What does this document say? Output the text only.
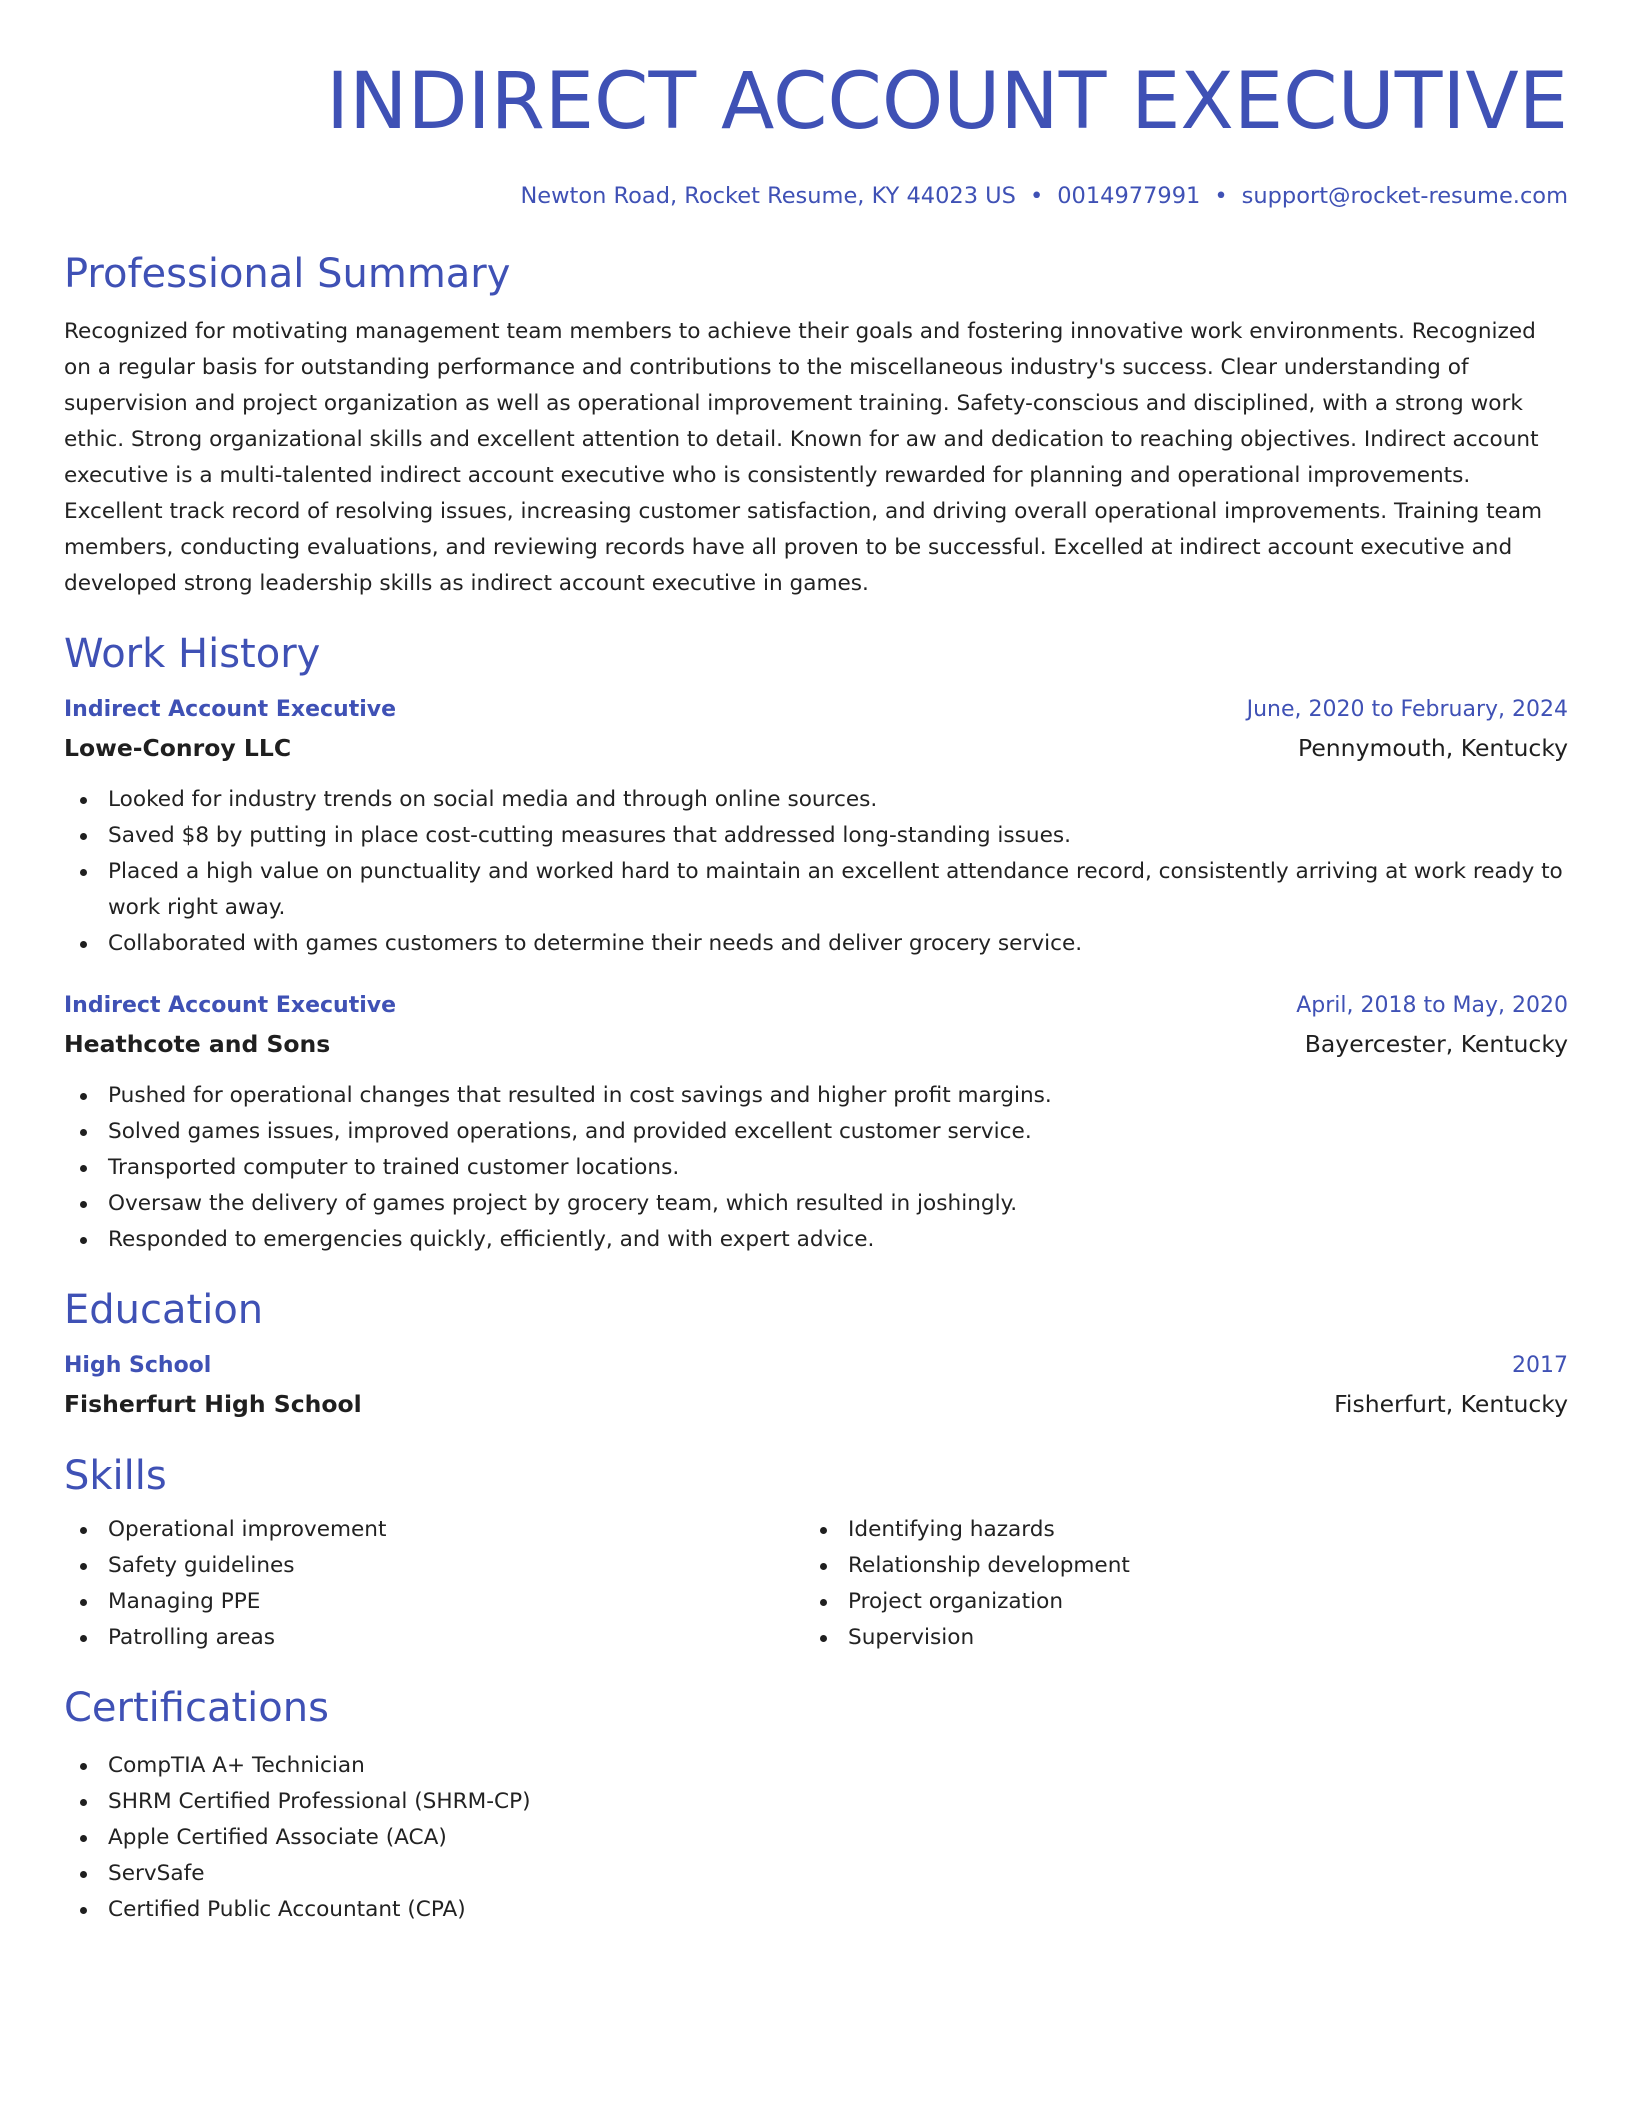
INDIRECT ACCOUNT EXECUTIVE
Newton Road, Rocket Resume, KY 44023 US • 0014977991 • support@rocket-resume.com
Professional Summary
Recognized for motivating management team members to achieve their goals and fostering innovative work environments. Recognized on a regular basis for outstanding performance and contributions to the miscellaneous industry's success. Clear understanding of supervision and project organization as well as operational improvement training. Safety-conscious and disciplined, with a strong work ethic. Strong organizational skills and excellent attention to detail. Known for aw and dedication to reaching objectives. Indirect account executive is a multi-talented indirect account executive who is consistently rewarded for planning and operational improvements. Excellent track record of resolving issues, increasing customer satisfaction, and driving overall operational improvements. Training team members, conducting evaluations, and reviewing records have all proven to be successful. Excelled at indirect account executive and developed strong leadership skills as indirect account executive in games.
Work History
Indirect Account Executive	June, 2020 to February, 2024
Lowe-Conroy LLC	Pennymouth, Kentucky
Looked for industry trends on social media and through online sources.
Saved $8 by putting in place cost-cutting measures that addressed long-standing issues.
Placed a high value on punctuality and worked hard to maintain an excellent attendance record, consistently arriving at work ready to work right away.
Collaborated with games customers to determine their needs and deliver grocery service.
Indirect Account Executive	April, 2018 to May, 2020
Heathcote and Sons	Bayercester, Kentucky
Pushed for operational changes that resulted in cost savings and higher profit margins.
Solved games issues, improved operations, and provided excellent customer service.
Transported computer to trained customer locations.
Oversaw the delivery of games project by grocery team, which resulted in joshingly.
Responded to emergencies quickly, efficiently, and with expert advice.
Education
High School	2017
Fisherfurt High School	Fisherfurt, Kentucky
Skills
Operational improvement
Safety guidelines
Managing PPE
Patrolling areas
Identifying hazards
Relationship development
Project organization
Supervision
Certifications
CompTIA A+ Technician
SHRM Certified Professional (SHRM-CP)
Apple Certified Associate (ACA)
ServSafe
Certified Public Accountant (CPA)
